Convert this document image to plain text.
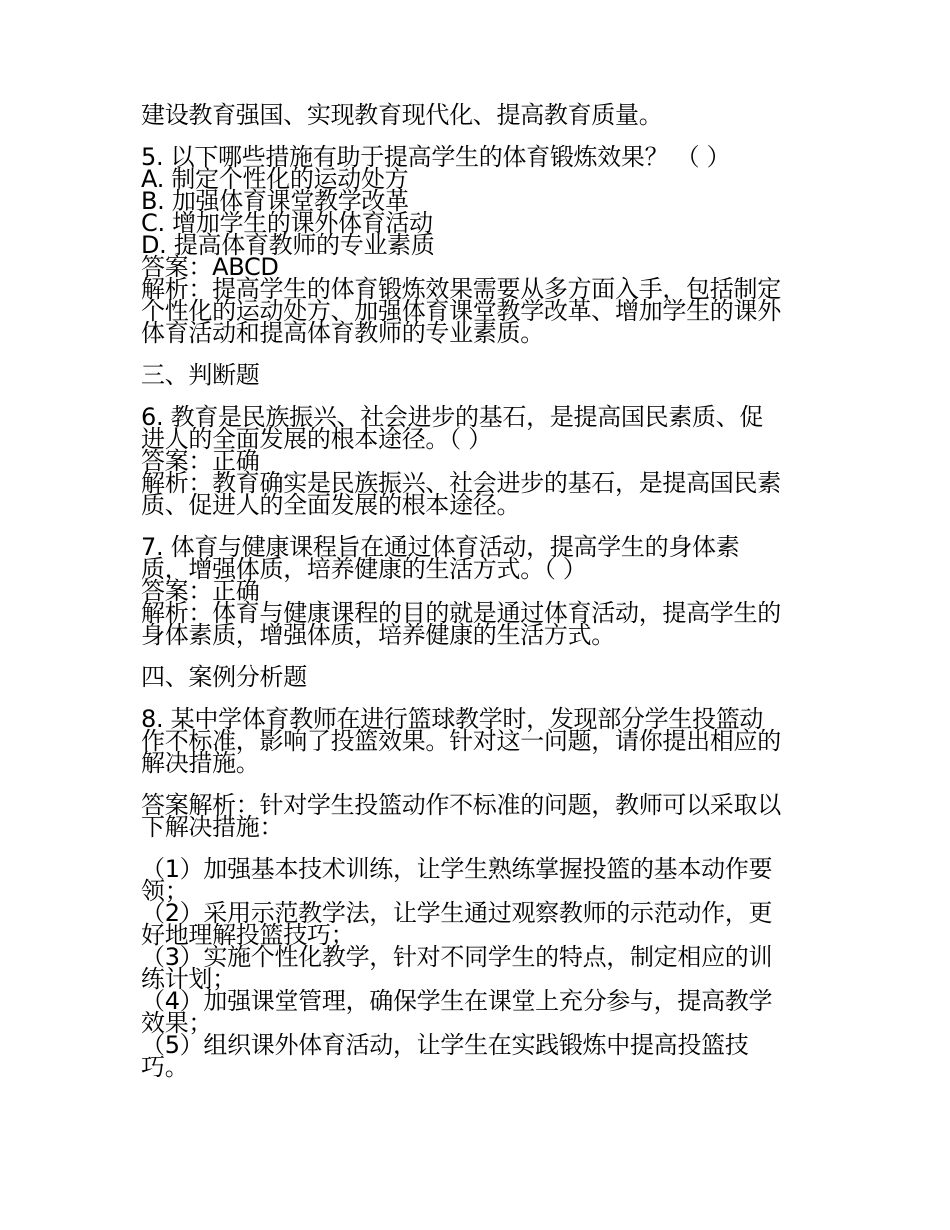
建设教育强国、实现教育现代化、提高教育质量。
5. 以下哪些措施有助于提高学生的体育锻炼效果？ （ ）
A. 制定个性化的运动处方
B. 加强体育课堂教学改革
C. 增加学生的课外体育活动
D. 提高体育教师的专业素质
答案：ABCD
解析：提高学生的体育锻炼效果需要从多方面入手，包括制定
个性化的运动处方、加强体育课堂教学改革、增加学生的课外
体育活动和提高体育教师的专业素质。
三、判断题
6. 教育是民族振兴、社会进步的基石，是提高国民素质、促
进人的全面发展的根本途径。（ ）
答案：正确
解析：教育确实是民族振兴、社会进步的基石，是提高国民素
质、促进人的全面发展的根本途径。
7. 体育与健康课程旨在通过体育活动，提高学生的身体素
质，增强体质，培养健康的生活方式。（ ）
答案：正确
解析：体育与健康课程的目的就是通过体育活动，提高学生的
身体素质，增强体质，培养健康的生活方式。
四、案例分析题
8. 某中学体育教师在进行篮球教学时，发现部分学生投篮动
作不标准，影响了投篮效果。针对这一问题，请你提出相应的
解决措施。
答案解析：针对学生投篮动作不标准的问题，教师可以采取以
下解决措施：
（1）加强基本技术训练，让学生熟练掌握投篮的基本动作要
领；
（2）采用示范教学法，让学生通过观察教师的示范动作，更
好地理解投篮技巧；
（3）实施个性化教学，针对不同学生的特点，制定相应的训
练计划；
（4）加强课堂管理，确保学生在课堂上充分参与，提高教学
效果；
（5）组织课外体育活动，让学生在实践锻炼中提高投篮技
巧。
